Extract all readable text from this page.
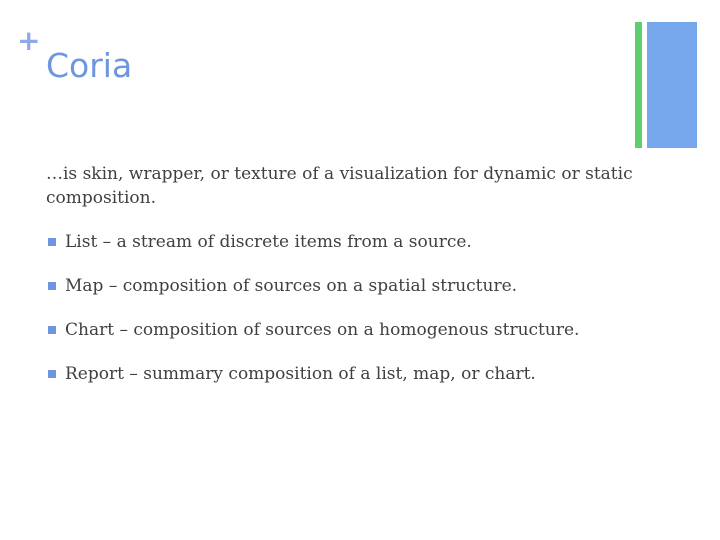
+
Coria

…is skin, wrapper, or texture of a visualization for dynamic or static composition.

List – a stream of discrete items from a source.
Map – composition of sources on a spatial structure.
Chart – composition of sources on a homogenous structure.
Report – summary composition of a list, map, or chart.
